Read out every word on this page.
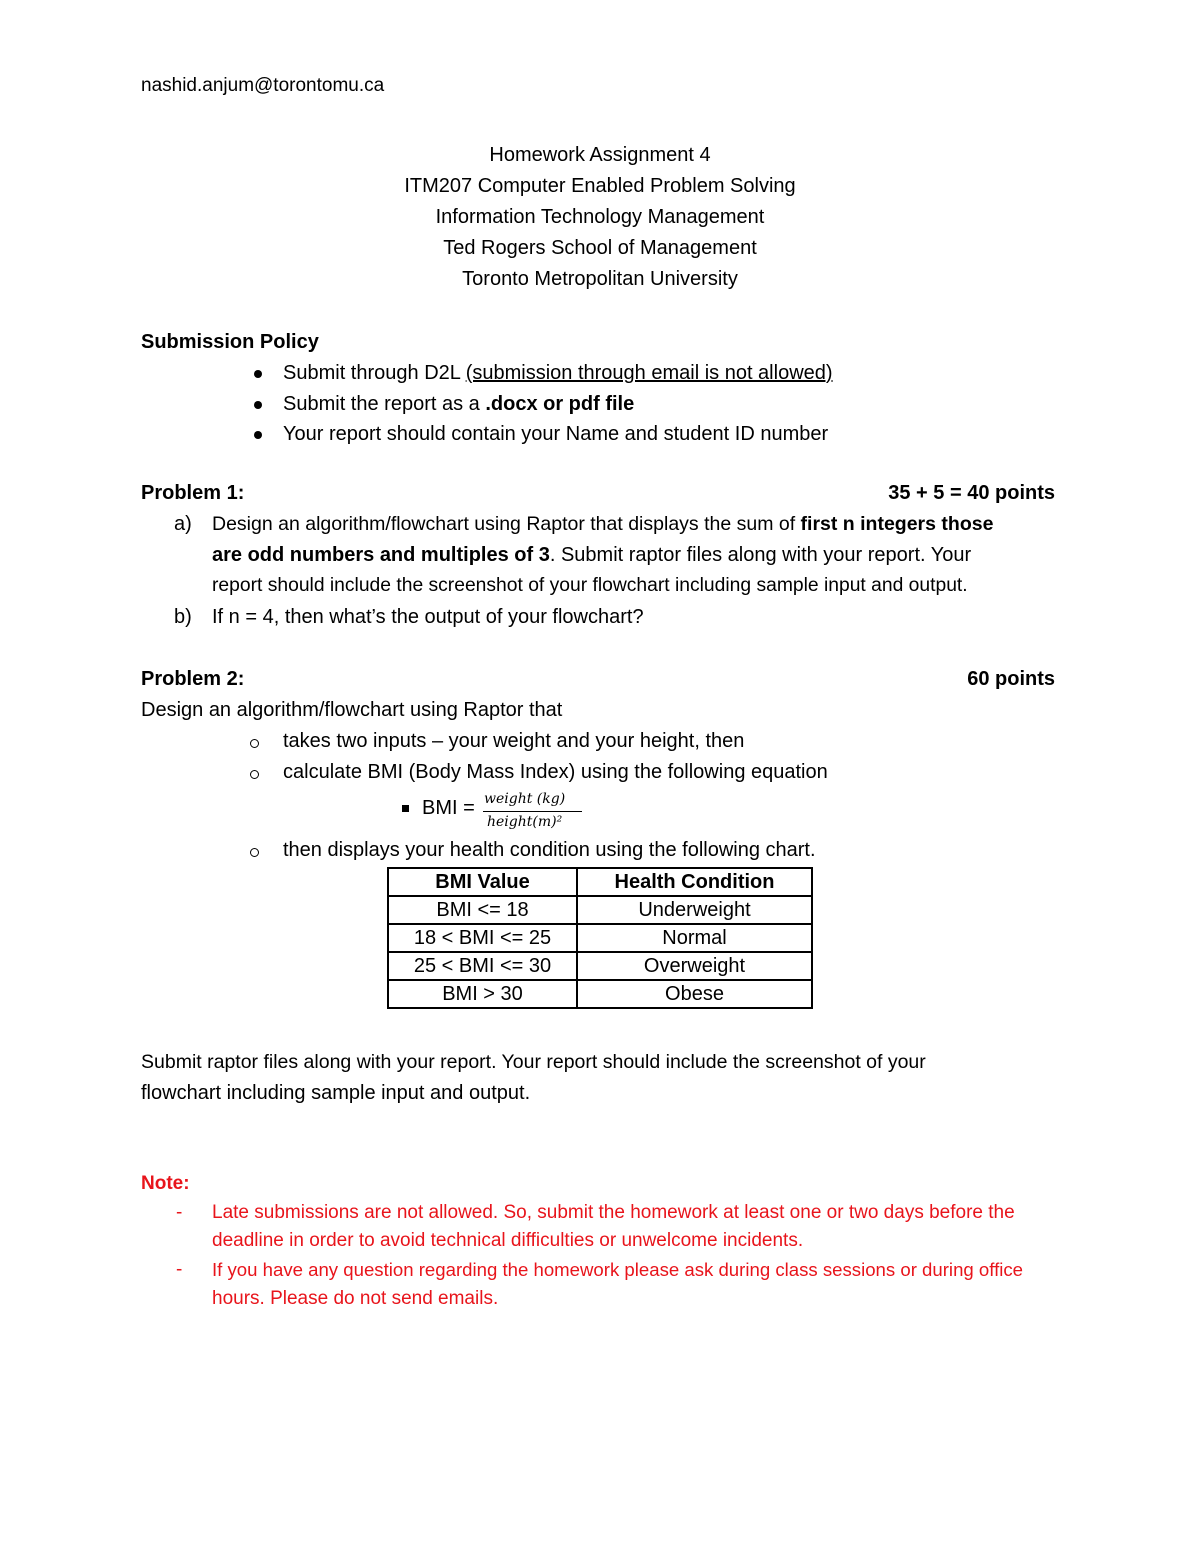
nashid.anjum@torontomu.ca
Homework Assignment 4
ITM207 Computer Enabled Problem Solving
Information Technology Management
Ted Rogers School of Management
Toronto Metropolitan University
Submission Policy
Submit through D2L (submission through email is not allowed)
Submit the report as a .docx or pdf file
Your report should contain your Name and student ID number
Problem 1:	35 + 5 = 40 points
a) Design an algorithm/flowchart using Raptor that displays the sum of first n integers those
are odd numbers and multiples of 3. Submit raptor files along with your report. Your
report should include the screenshot of your flowchart including sample input and output.
b) If n = 4, then what’s the output of your flowchart?
Problem 2:	60 points
Design an algorithm/flowchart using Raptor that
takes two inputs – your weight and your height, then
calculate BMI (Body Mass Index) using the following equation
BMI = weight (kg)
height(m)²
then displays your health condition using the following chart.
BMI Value	Health Condition
BMI <= 18	Underweight
18 < BMI <= 25	Normal
25 < BMI <= 30	Overweight
BMI > 30	Obese
Submit raptor files along with your report. Your report should include the screenshot of your
flowchart including sample input and output.
Note:
- Late submissions are not allowed. So, submit the homework at least one or two days before the
deadline in order to avoid technical difficulties or unwelcome incidents.
- If you have any question regarding the homework please ask during class sessions or during office
hours. Please do not send emails.
